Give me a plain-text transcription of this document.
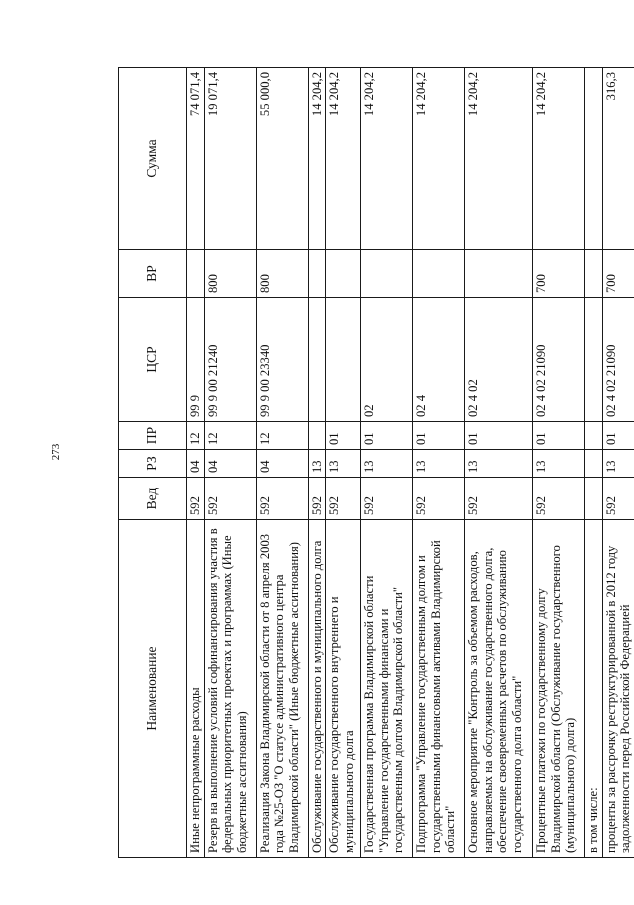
273
Наименование	Вед	РЗ	ПР	ЦСР	ВР	Сумма
Иные непрограммные расходы	592	04	12	99 9		74 071,4
Резерв на выполнение условий софинансирования участия в федеральных приоритетных проектах и программах (Иные бюджетные ассигнования)	592	04	12	99 9 00 21240	800	19 071,4
Реализация Закона Владимирской области от 8 апреля 2003 года №25-ОЗ "О статусе административного центра Владимирской области" (Иные бюджетные ассигнования)	592	04	12	99 9 00 23340	800	55 000,0
Обслуживание государственного и муниципального долга	592	13				14 204,2
Обслуживание государственного внутреннего и муниципального долга	592	13	01			14 204,2
Государственная программа Владимирской области "Управление государственными финансами и государственным долгом Владимирской области"	592	13	01	02		14 204,2
Подпрограмма "Управление государственным долгом и государственными финансовыми активами Владимирской области"	592	13	01	02 4		14 204,2
Основное мероприятие "Контроль за объемом расходов, направляемых на обслуживание государственного долга, обеспечение своевременных расчетов по обслуживанию государственного долга области"	592	13	01	02 4 02		14 204,2
Процентные платежи по государственному долгу Владимирской области (Обслуживание государственного (муниципального) долга)	592	13	01	02 4 02 21090	700	14 204,2
в том числе:						
проценты за рассрочку реструктурированной в 2012 году задолженности перед Российской Федерацией	592	13	01	02 4 02 21090	700	316,3
